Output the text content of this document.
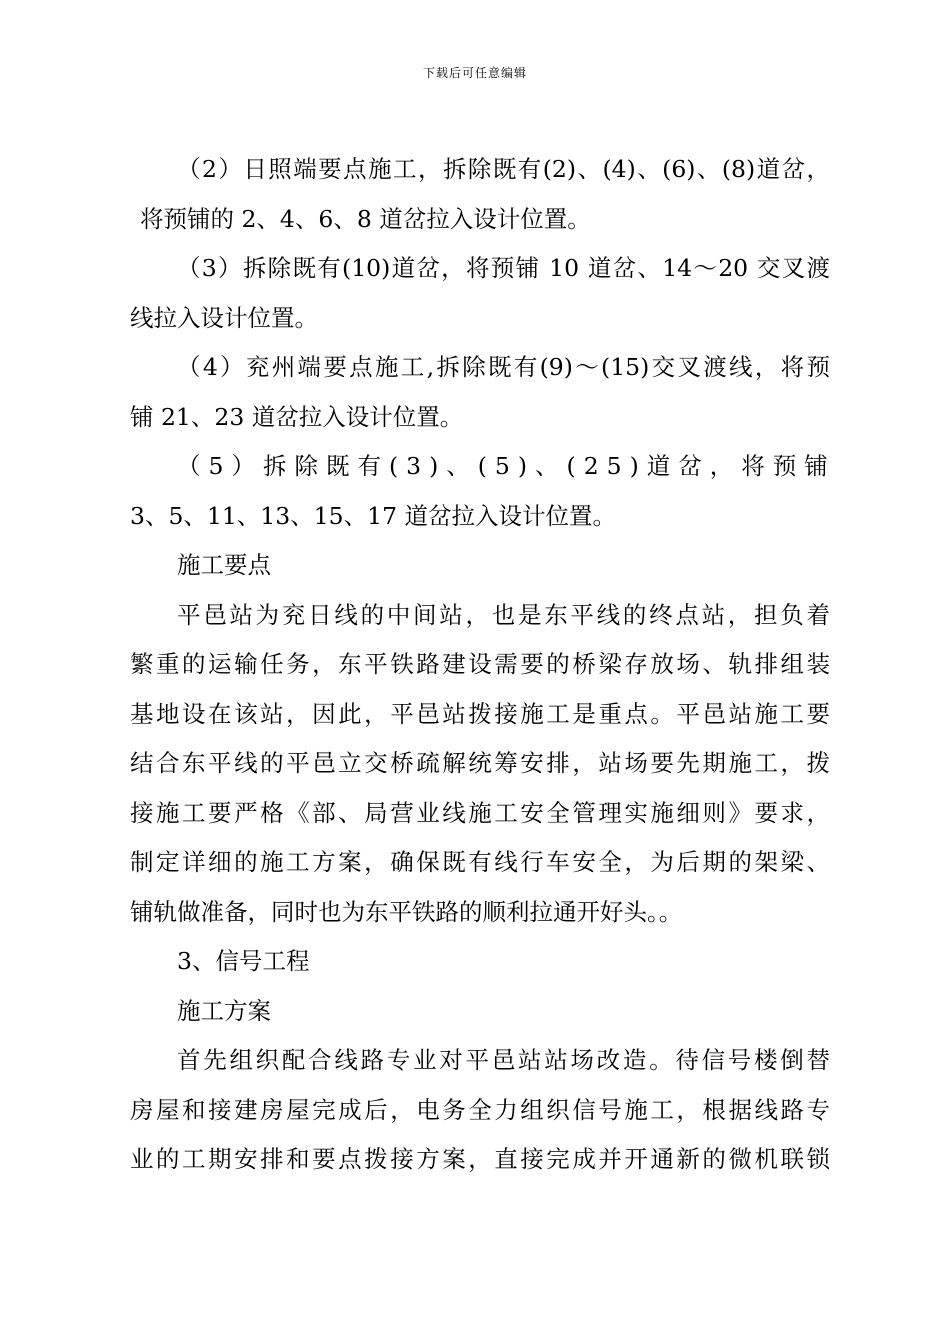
下载后可任意编辑
（2）日照端要点施工，拆除既有(2)、(4)、(6)、(8)道岔，
将预铺的 2、4、6、8 道岔拉入设计位置。
（3）拆除既有(10)道岔，将预铺 10 道岔、14～20 交叉渡
线拉入设计位置。
（4）兖州端要点施工,拆除既有(9)～(15)交叉渡线，将预
铺 21、23 道岔拉入设计位置。
（5）拆除既有(3)、(5)、(25)道岔，将预铺
3、5、11、13、15、17 道岔拉入设计位置。
施工要点
平邑站为兖日线的中间站，也是东平线的终点站，担负着
繁重的运输任务，东平铁路建设需要的桥梁存放场、轨排组装
基地设在该站，因此，平邑站拨接施工是重点。平邑站施工要
结合东平线的平邑立交桥疏解统筹安排，站场要先期施工，拨
接施工要严格《部、局营业线施工安全管理实施细则》要求，
制定详细的施工方案，确保既有线行车安全，为后期的架梁、
铺轨做准备，同时也为东平铁路的顺利拉通开好头。。
3、信号工程
施工方案
首先组织配合线路专业对平邑站站场改造。待信号楼倒替
房屋和接建房屋完成后，电务全力组织信号施工，根据线路专
业的工期安排和要点拨接方案，直接完成并开通新的微机联锁
